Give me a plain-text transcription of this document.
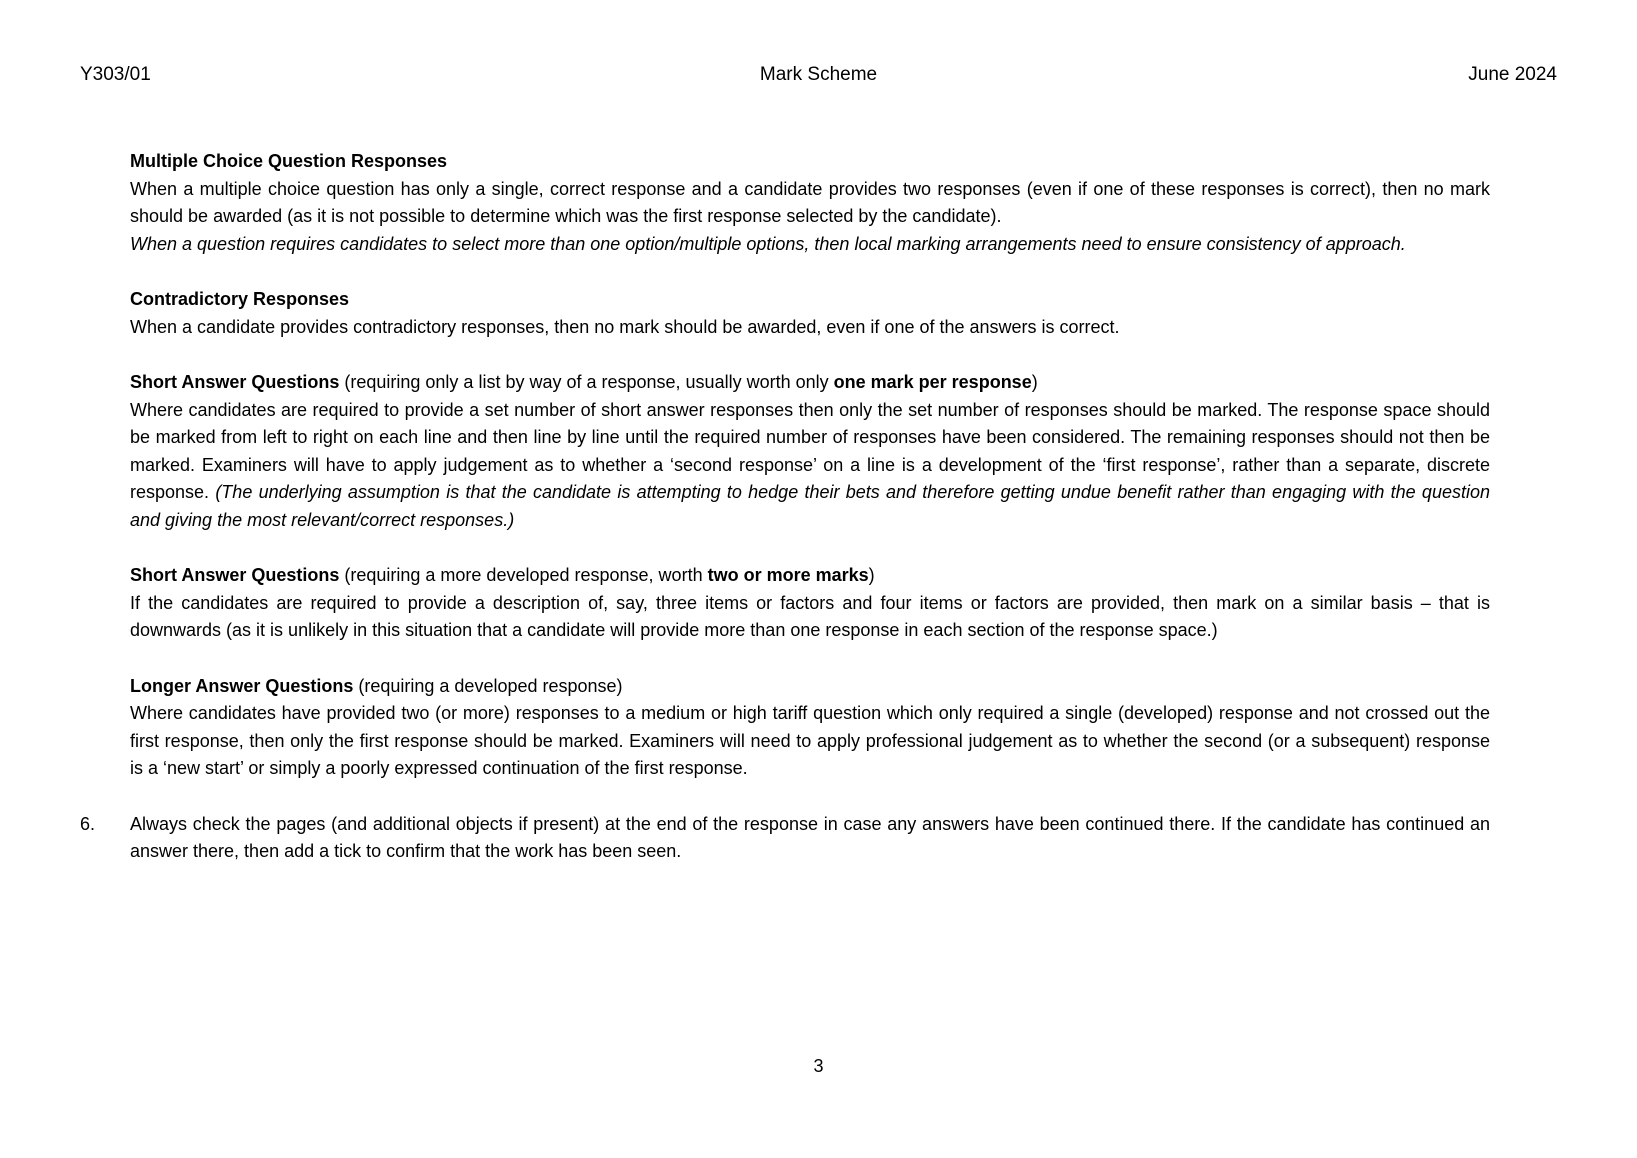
Y303/01	Mark Scheme	June 2024

Multiple Choice Question Responses

When a multiple choice question has only a single, correct response and a candidate provides two responses (even if one of these responses is correct), then no mark should be awarded (as it is not possible to determine which was the first response selected by the candidate).

When a question requires candidates to select more than one option/multiple options, then local marking arrangements need to ensure consistency of approach.

Contradictory Responses

When a candidate provides contradictory responses, then no mark should be awarded, even if one of the answers is correct.

Short Answer Questions (requiring only a list by way of a response, usually worth only one mark per response)

Where candidates are required to provide a set number of short answer responses then only the set number of responses should be marked. The response space should be marked from left to right on each line and then line by line until the required number of responses have been considered. The remaining responses should not then be marked. Examiners will have to apply judgement as to whether a ‘second response’ on a line is a development of the ‘first response’, rather than a separate, discrete response. (The underlying assumption is that the candidate is attempting to hedge their bets and therefore getting undue benefit rather than engaging with the question and giving the most relevant/correct responses.)

Short Answer Questions (requiring a more developed response, worth two or more marks)

If the candidates are required to provide a description of, say, three items or factors and four items or factors are provided, then mark on a similar basis – that is downwards (as it is unlikely in this situation that a candidate will provide more than one response in each section of the response space.)

Longer Answer Questions (requiring a developed response)

Where candidates have provided two (or more) responses to a medium or high tariff question which only required a single (developed) response and not crossed out the first response, then only the first response should be marked. Examiners will need to apply professional judgement as to whether the second (or a subsequent) response is a ‘new start’ or simply a poorly expressed continuation of the first response.

6.	Always check the pages (and additional objects if present) at the end of the response in case any answers have been continued there. If the candidate has continued an answer there, then add a tick to confirm that the work has been seen.

3
